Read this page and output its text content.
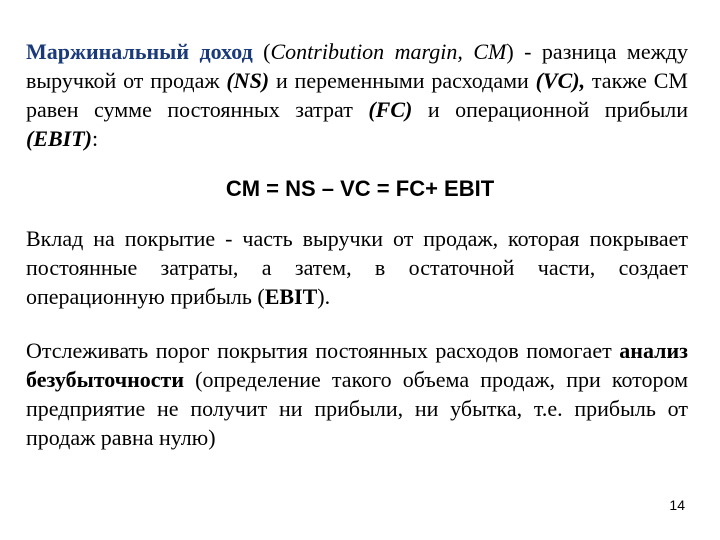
Маржинальный доход (Contribution margin, CM) - разница между выручкой от продаж (NS) и переменными расходами (VC), также СМ равен сумме постоянных затрат (FC) и операционной прибыли (EBIT):
CM = NS – VC = FC+ EBIT
Вклад на покрытие - часть выручки от продаж, которая покрывает постоянные затраты, а затем, в остаточной части, создает операционную прибыль (EBIT).
Отслеживать порог покрытия постоянных расходов помогает анализ безубыточности (определение такого объема продаж, при котором предприятие не получит ни прибыли, ни убытка, т.е. прибыль от продаж равна нулю)
14
